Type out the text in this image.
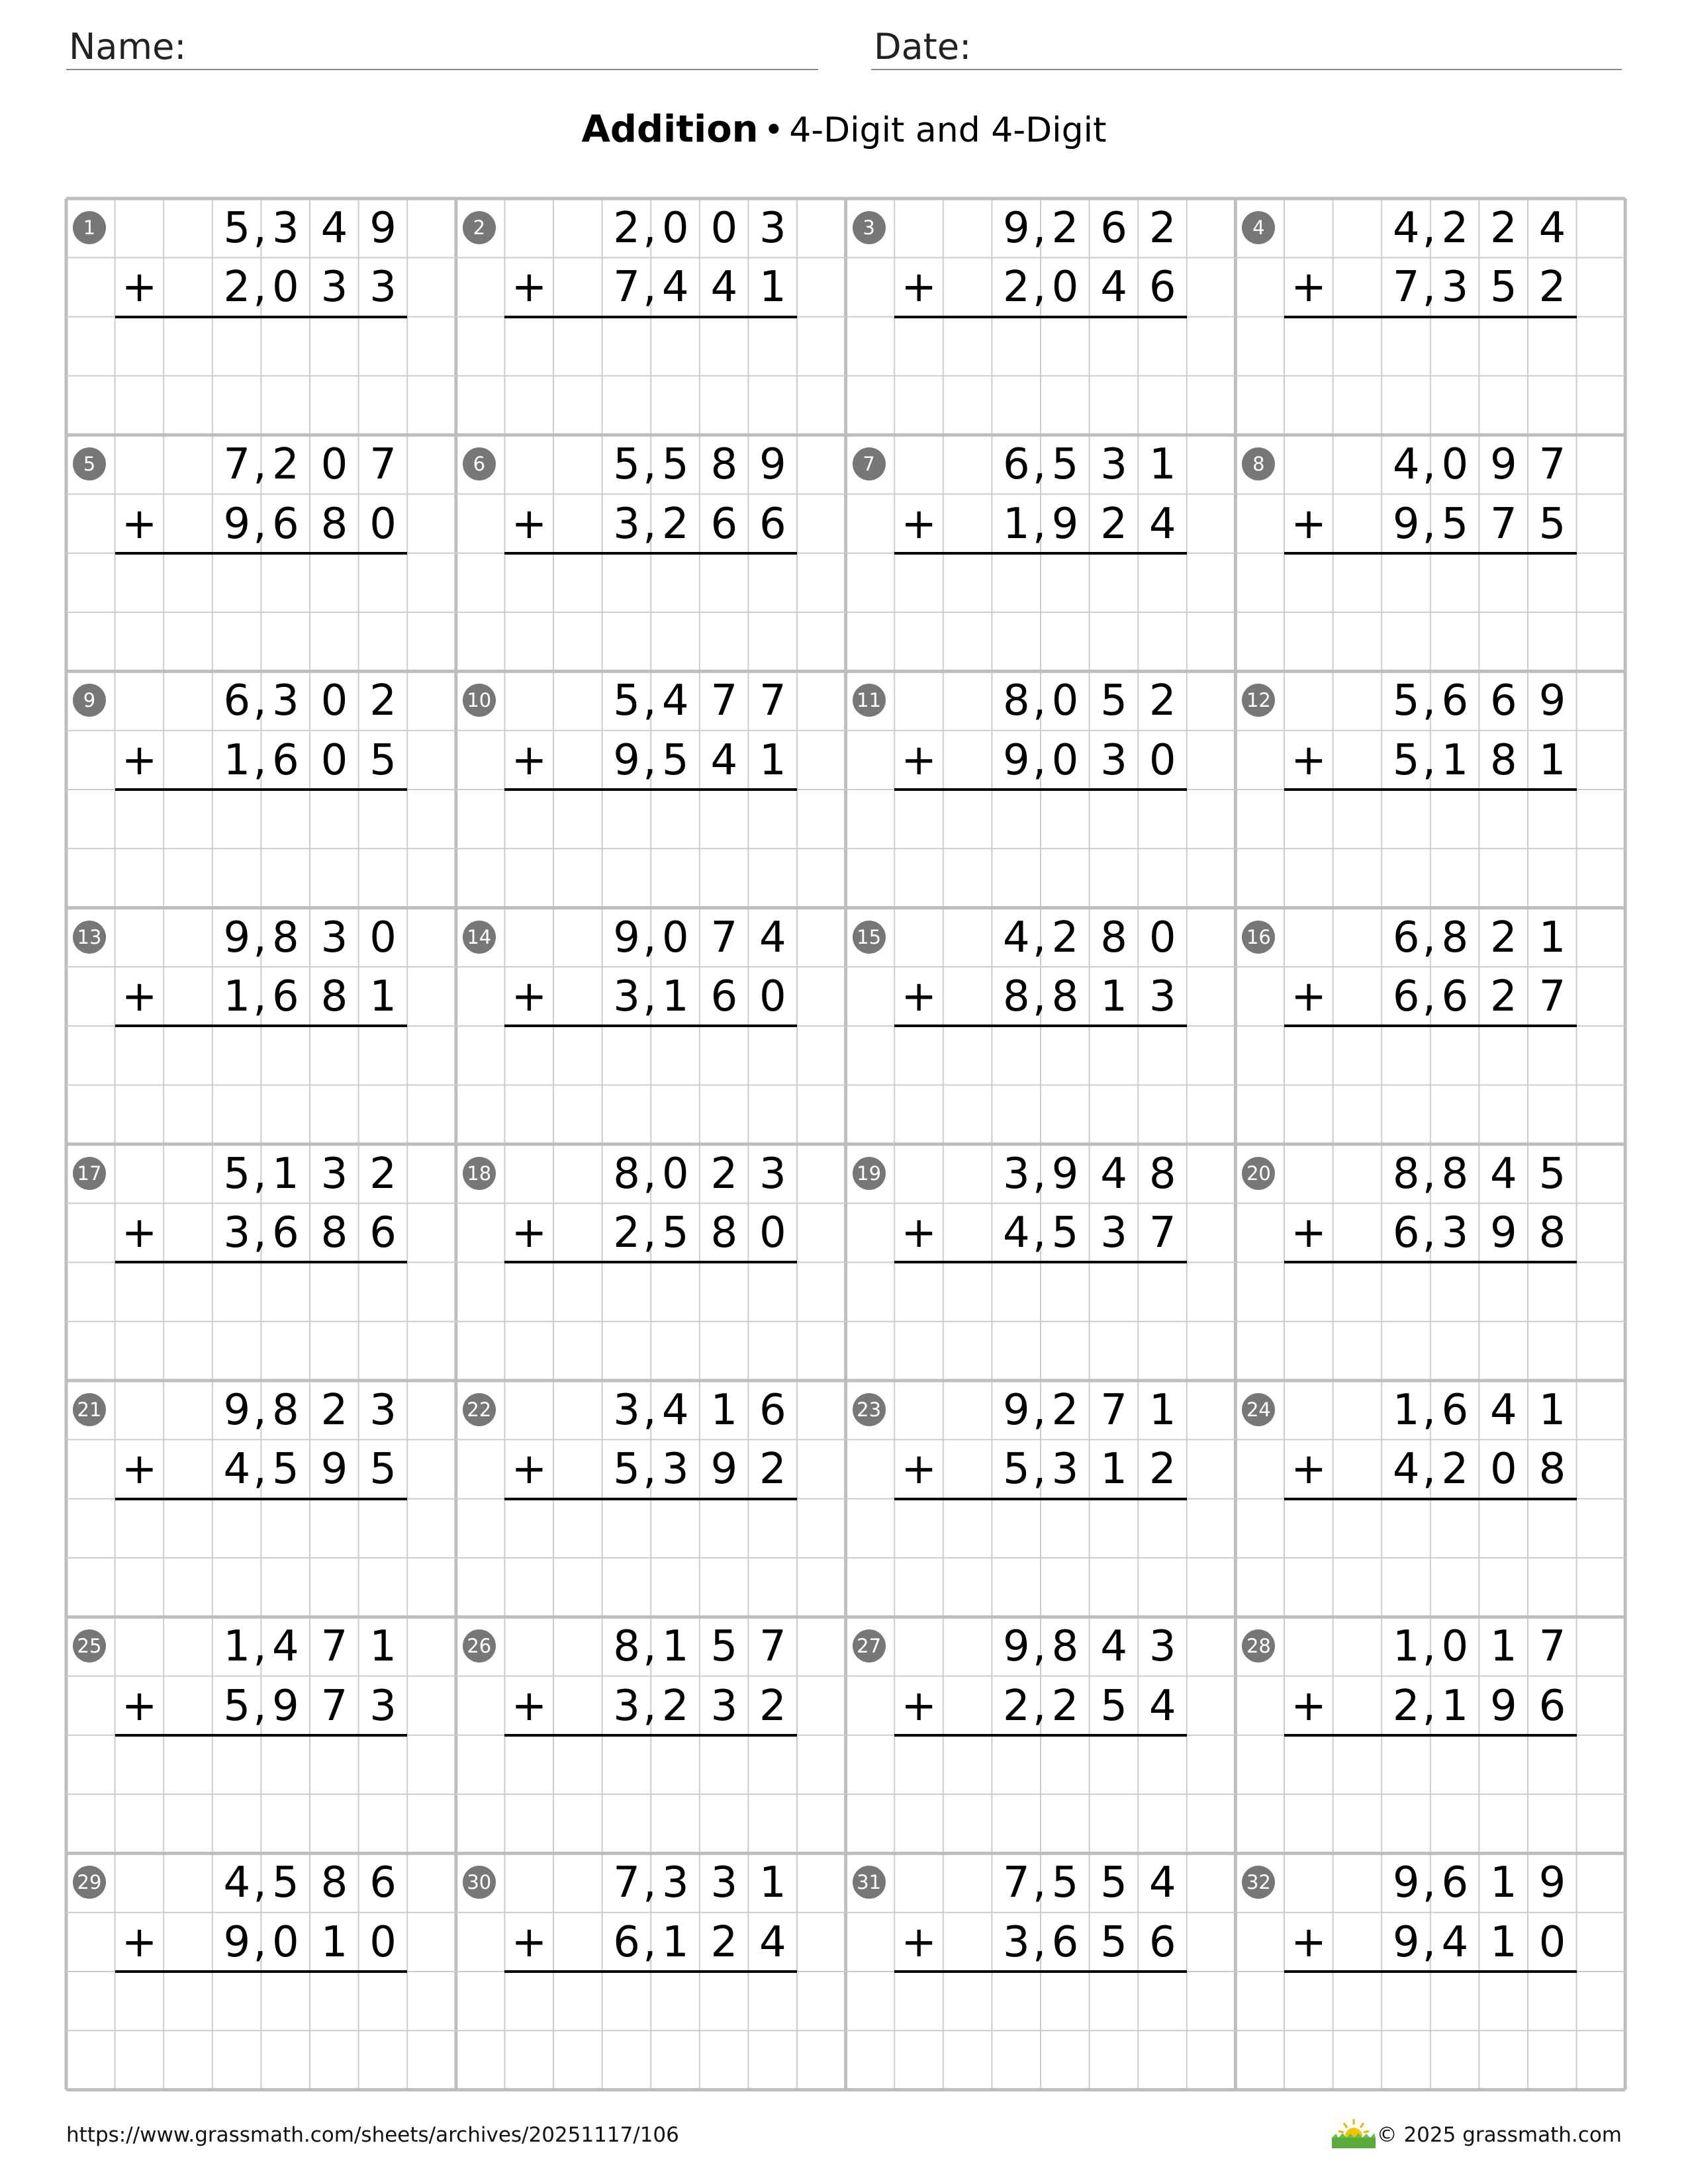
Name:	Date:
Addition • 4-Digit and 4-Digit
1	5 3 4 9
,
+ 2 0 3 3
,
2	2 0 0 3
,
+ 7 4 4 1
,
3	9 2 6 2
,
+ 2 0 4 6
,
4	4 2 2 4
,
+ 7 3 5 2
,
5	7 2 0 7
,
+ 9 6 8 0
,
6	5 5 8 9
,
+ 3 2 6 6
,
7	6 5 3 1
,
+ 1 9 2 4
,
8	4 0 9 7
,
+ 9 5 7 5
,
9	6 3 0 2
,
+ 1 6 0 5
,
10	5 4 7 7
,
+ 9 5 4 1
,
11	8 0 5 2
,
+ 9 0 3 0
,
12	5 6 6 9
,
+ 5 1 8 1
,
13	9 8 3 0
,
+ 1 6 8 1
,
14	9 0 7 4
,
+ 3 1 6 0
,
15	4 2 8 0
,
+ 8 8 1 3
,
16	6 8 2 1
,
+ 6 6 2 7
,
17	5 1 3 2
,
+ 3 6 8 6
,
18	8 0 2 3
,
+ 2 5 8 0
,
19	3 9 4 8
,
+ 4 5 3 7
,
20	8 8 4 5
,
+ 6 3 9 8
,
21	9 8 2 3
,
+ 4 5 9 5
,
22	3 4 1 6
,
+ 5 3 9 2
,
23	9 2 7 1
,
+ 5 3 1 2
,
24	1 6 4 1
,
+ 4 2 0 8
,
25	1 4 7 1
,
+ 5 9 7 3
,
26	8 1 5 7
,
+ 3 2 3 2
,
27	9 8 4 3
,
+ 2 2 5 4
,
28	1 0 1 7
,
+ 2 1 9 6
,
29	4 5 8 6
,
+ 9 0 1 0
,
30	7 3 3 1
,
+ 6 1 2 4
,
31	7 5 5 4
,
+ 3 6 5 6
,
32	9 6 1 9
,
+ 9 4 1 0
,
https://www.grassmath.com/sheets/archives/20251117/106	© 2025 grassmath.com
